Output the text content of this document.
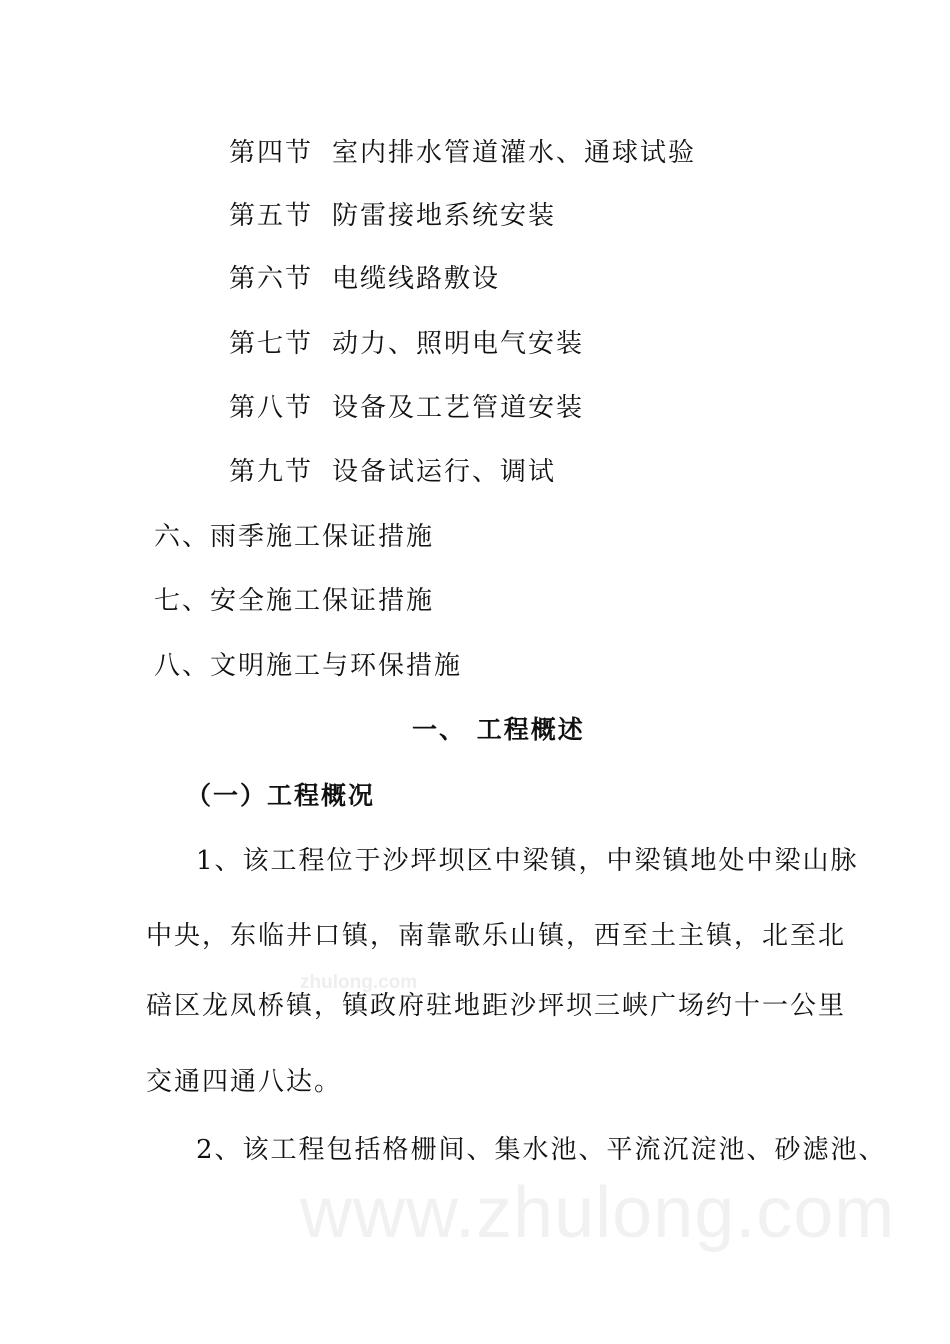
zhulong.com
www.zhulong.com
第四节 室内排水管道灌水、通球试验
第五节 防雷接地系统安装
第六节 电缆线路敷设
第七节 动力、照明电气安装
第八节 设备及工艺管道安装
第九节 设备试运行、调试
六、雨季施工保证措施
七、安全施工保证措施
八、文明施工与环保措施
一、 工程概述
（一）工程概况
1、该工程位于沙坪坝区中梁镇，中梁镇地处中梁山脉
中央，东临井口镇，南靠歌乐山镇，西至土主镇，北至北
碚区龙凤桥镇，镇政府驻地距沙坪坝三峡广场约十一公里
交通四通八达。
2、该工程包括格栅间、集水池、平流沉淀池、砂滤池、
